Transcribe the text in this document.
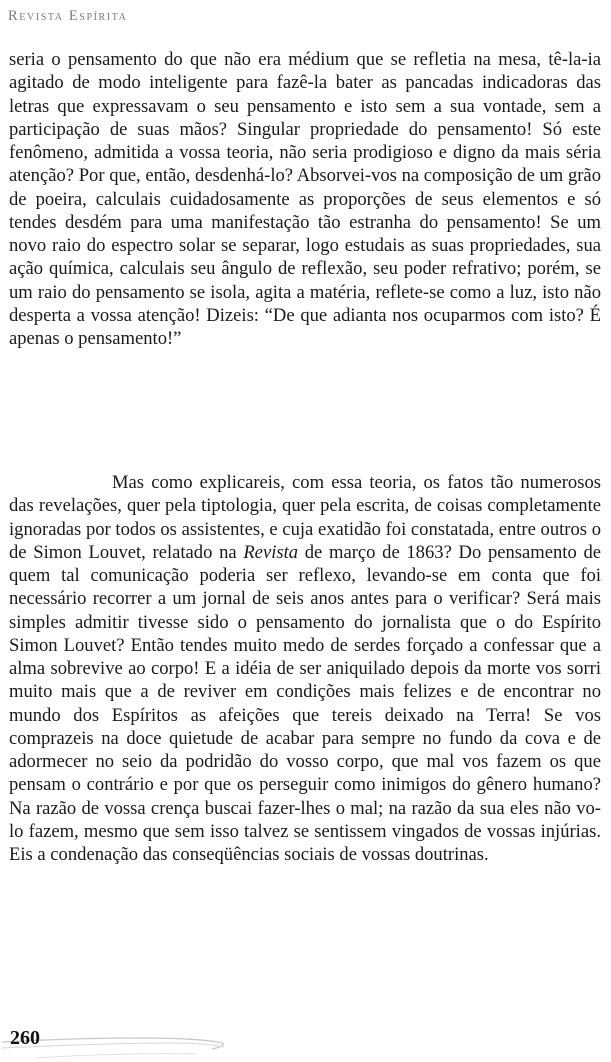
Revista Espírita

seria o pensamento do que não era médium que se refletia na mesa, tê-la-ia agitado de modo inteligente para fazê-la bater as pancadas indicadoras das letras que expressavam o seu pensamento e isto sem a sua vontade, sem a participação de suas mãos? Singular propriedade do pensamento! Só este fenômeno, admitida a vossa teoria, não seria prodigioso e digno da mais séria atenção? Por que, então, desdenhá-lo? Absorvei-vos na composição de um grão de poeira, calculais cuidadosamente as proporções de seus elementos e só tendes desdém para uma manifestação tão estranha do pensamento! Se um novo raio do espectro solar se separar, logo estudais as suas propriedades, sua ação química, calculais seu ângulo de reflexão, seu poder refrativo; porém, se um raio do pensamento se isola, agita a matéria, reflete-se como a luz, isto não desperta a vossa atenção! Dizeis: “De que adianta nos ocuparmos com isto? É apenas o pensamento!”

Mas como explicareis, com essa teoria, os fatos tão numerosos das revelações, quer pela tiptologia, quer pela escrita, de coisas completamente ignoradas por todos os assistentes, e cuja exatidão foi constatada, entre outros o de Simon Louvet, relatado na Revista de março de 1863? Do pensamento de quem tal comunicação poderia ser reflexo, levando-se em conta que foi necessário recorrer a um jornal de seis anos antes para o verificar? Será mais simples admitir tivesse sido o pensamento do jornalista que o do Espírito Simon Louvet? Então tendes muito medo de serdes forçado a confessar que a alma sobrevive ao corpo! E a idéia de ser aniquilado depois da morte vos sorri muito mais que a de reviver em condições mais felizes e de encontrar no mundo dos Espíritos as afeições que tereis deixado na Terra! Se vos comprazeis na doce quietude de acabar para sempre no fundo da cova e de adormecer no seio da podridão do vosso corpo, que mal vos fazem os que pensam o contrário e por que os perseguir como inimigos do gênero humano? Na razão de vossa crença buscai fazer-lhes o mal; na razão da sua eles não vo-lo fazem, mesmo que sem isso talvez se sentissem vingados de vossas injúrias. Eis a condenação das conseqüências sociais de vossas doutrinas.

260
